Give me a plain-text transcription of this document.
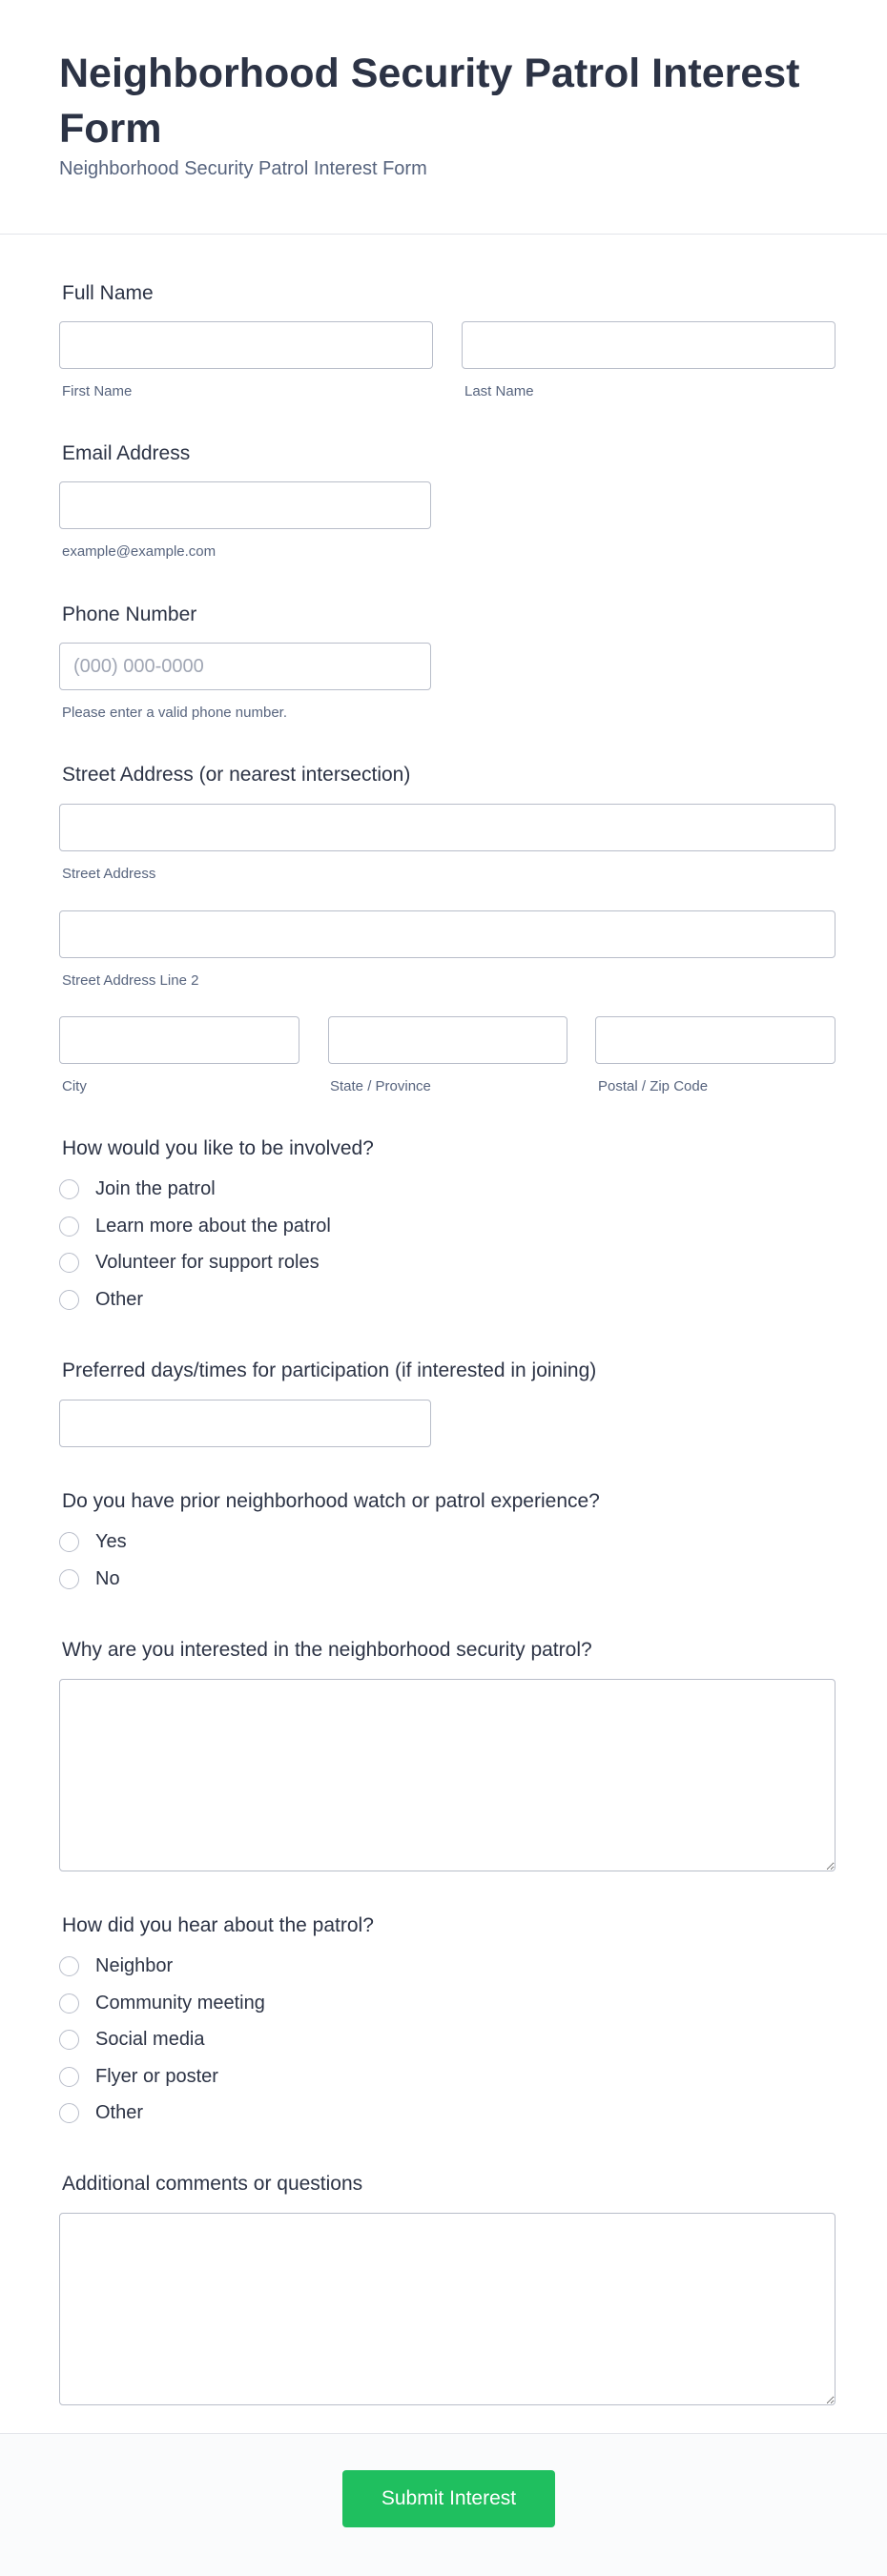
Neighborhood Security Patrol Interest Form
Neighborhood Security Patrol Interest Form
Full Name
First Name	Last Name
Email Address
example@example.com
Phone Number
(000) 000-0000
Please enter a valid phone number.
Street Address (or nearest intersection)
Street Address
Street Address Line 2
City	State / Province	Postal / Zip Code
How would you like to be involved?
Join the patrol
Learn more about the patrol
Volunteer for support roles
Other
Preferred days/times for participation (if interested in joining)
Do you have prior neighborhood watch or patrol experience?
Yes
No
Why are you interested in the neighborhood security patrol?
How did you hear about the patrol?
Neighbor
Community meeting
Social media
Flyer or poster
Other
Additional comments or questions
Submit Interest
